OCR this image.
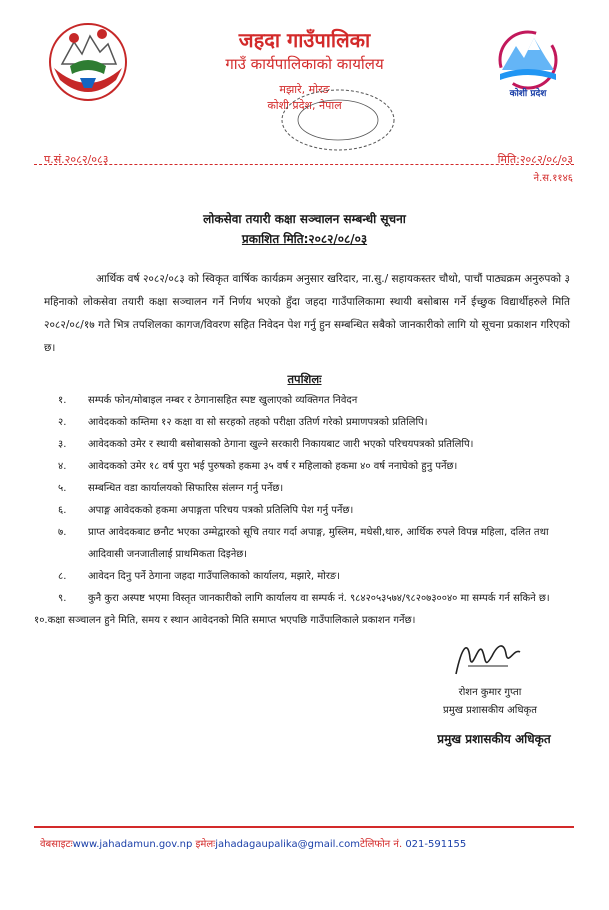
जहदा गाउँपालिका
गाउँ कार्यपालिकाको कार्यालय
मझारे, मोरङ
कोशी प्रदेश, नेपाल
कोशी प्रदेश
प.सं.२०८२/०८३	मिति:२०८२/०८/०३
ने.स.११४६
लोकसेवा तयारी कक्षा सञ्चालन सम्बन्धी सूचना
प्रकाशित मिति:२०८२/०८/०३

आर्थिक वर्ष २०८२/०८३ को स्विकृत वार्षिक कार्यक्रम अनुसार खरिदार, ना.सु./ सहायकस्तर चौथो, पाचौं पाठ्यक्रम अनुरुपको ३ महिनाको लोकसेवा तयारी कक्षा सञ्चालन गर्ने निर्णय भएको हुँदा जहदा गाउँपालिकामा स्थायी बसोबास गर्ने ईच्छुक विद्यार्थीहरुले मिति २०८२/०८/१७ गते भित्र तपशिलका कागज/विवरण सहित निवेदन पेश गर्नु हुन सम्बन्धित सबैको जानकारीको लागि यो सूचना प्रकाशन गरिएको छ।

तपशिलः
१.	सम्पर्क फोन/मोबाइल नम्बर र ठेगानासहित स्पष्ट खुलाएको व्यक्तिगत निवेदन
२.	आवेदकको कम्तिमा १२ कक्षा वा सो सरहको तहको परीक्षा उतिर्ण गरेको प्रमाणपत्रको प्रतिलिपि।
३.	आवेदकको उमेर र स्थायी बसोबासको ठेगाना खुल्ने सरकारी निकायबाट जारी भएको परिचयपत्रको प्रतिलिपि।
४.	आवेदकको उमेर १८ वर्ष पुरा भई पुरुषको हकमा ३५ वर्ष र महिलाको हकमा ४० वर्ष ननाघेको हुनु पर्नेछ।
५.	सम्बन्धित वडा कार्यालयको सिफारिस संलग्न गर्नु पर्नेछ।
६.	अपाङ्ग आवेदकको हकमा अपाङ्गता परिचय पत्रको प्रतिलिपि पेश गर्नु पर्नेछ।
७.	प्राप्त आवेदकबाट छनौट भएका उम्मेद्वारको सूचि तयार गर्दा अपाङ्ग, मुस्लिम, मधेसी,थारु, आर्थिक रुपले विपन्न महिला, दलित तथा आदिवासी जनजातीलाई प्राथमिकता दिइनेछ।
८.	आवेदन दिनु पर्ने ठेगाना जहदा गाउँपालिकाको कार्यालय, मझारे, मोरङ।
९.	कुनै कुरा अस्पष्ट भएमा विस्तृत जानकारीको लागि कार्यालय वा सम्पर्क नं. ९८४२०५३५७४/९८२०७३००४० मा सम्पर्क गर्न सकिने छ।
१०.कक्षा सञ्चालन हुने मिति, समय र स्थान आवेदनको मिति समाप्त भएपछि गाउँपालिकाले प्रकाशन गर्नेछ।
रोशन कुमार गुप्ता
प्रमुख प्रशासकीय अधिकृत
प्रमुख प्रशासकीय अधिकृत
वेबसाइटःwww.jahadamun.gov.np इमेलःjahadagaupalika@gmail.comटेलिफोन नं. 021-591155
